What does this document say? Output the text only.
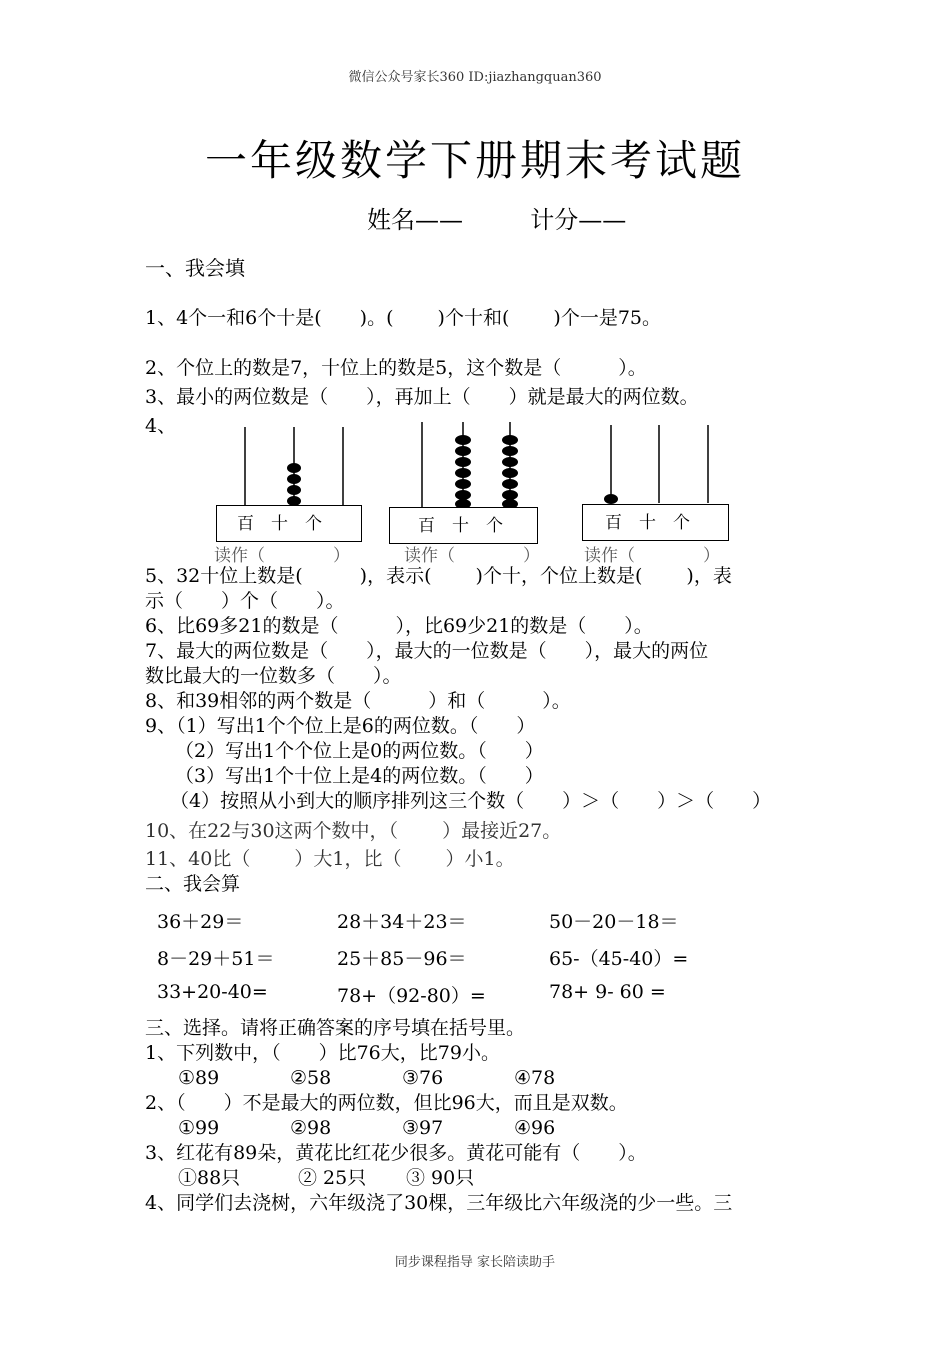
微信公众号家长360 ID:jiazhangquan360
一年级数学下册期末考试题
姓名——	计分——
一、我会填
1、4个一和6个十是(　　)。(　　 )个十和(　　 )个一是75。
2、个位上的数是7，十位上的数是5，这个数是（　　　）。
3、最小的两位数是（　　），再加上（　　）就是最大的两位数。
4、
百　十　个
读作（　　　　）
百　十　个
读作（　　　　）
百　十　个
读作（　　　　）
5、32十位上数是(　　　)，表示(　　 )个十，个位上数是(　　 )，表
示（　　）个（　　）。
6、比69多21的数是（　　　），比69少21的数是（　　）。
7、最大的两位数是（　　），最大的一位数是（　　），最大的两位
数比最大的一位数多（　　）。
8、和39相邻的两个数是（　　　）和（　　　）。
9、（1）写出1个个位上是6的两位数。（　　）
（2）写出1个个位上是0的两位数。（　　）
（3）写出1个十位上是4的两位数。（　　）
（4）按照从小到大的顺序排列这三个数（　　）＞（　　）＞（　　）
10、在22与30这两个数中，（　　 ）最接近27。
11、40比（　　 ）大1，比（　　 ）小1。
二、我会算
36＋29＝	28＋34＋23＝	50－20－18＝
8－29＋51＝	25＋85－96＝	65-（45-40）=
33+20-40=	78+（92-80）=	78+ 9- 60 =
三、选择。请将正确答案的序号填在括号里。
1、下列数中，（　　）比76大，比79小。
①89	②58	③76	④78
2、（　　）不是最大的两位数，但比96大，而且是双数。
①99	②98	③97	④96
3、红花有89朵，黄花比红花少很多。黄花可能有（　　）。
①88只	② 25只 ③ 90只
4、同学们去浇树，六年级浇了30棵，三年级比六年级浇的少一些。三
同步课程指导 家长陪读助手
